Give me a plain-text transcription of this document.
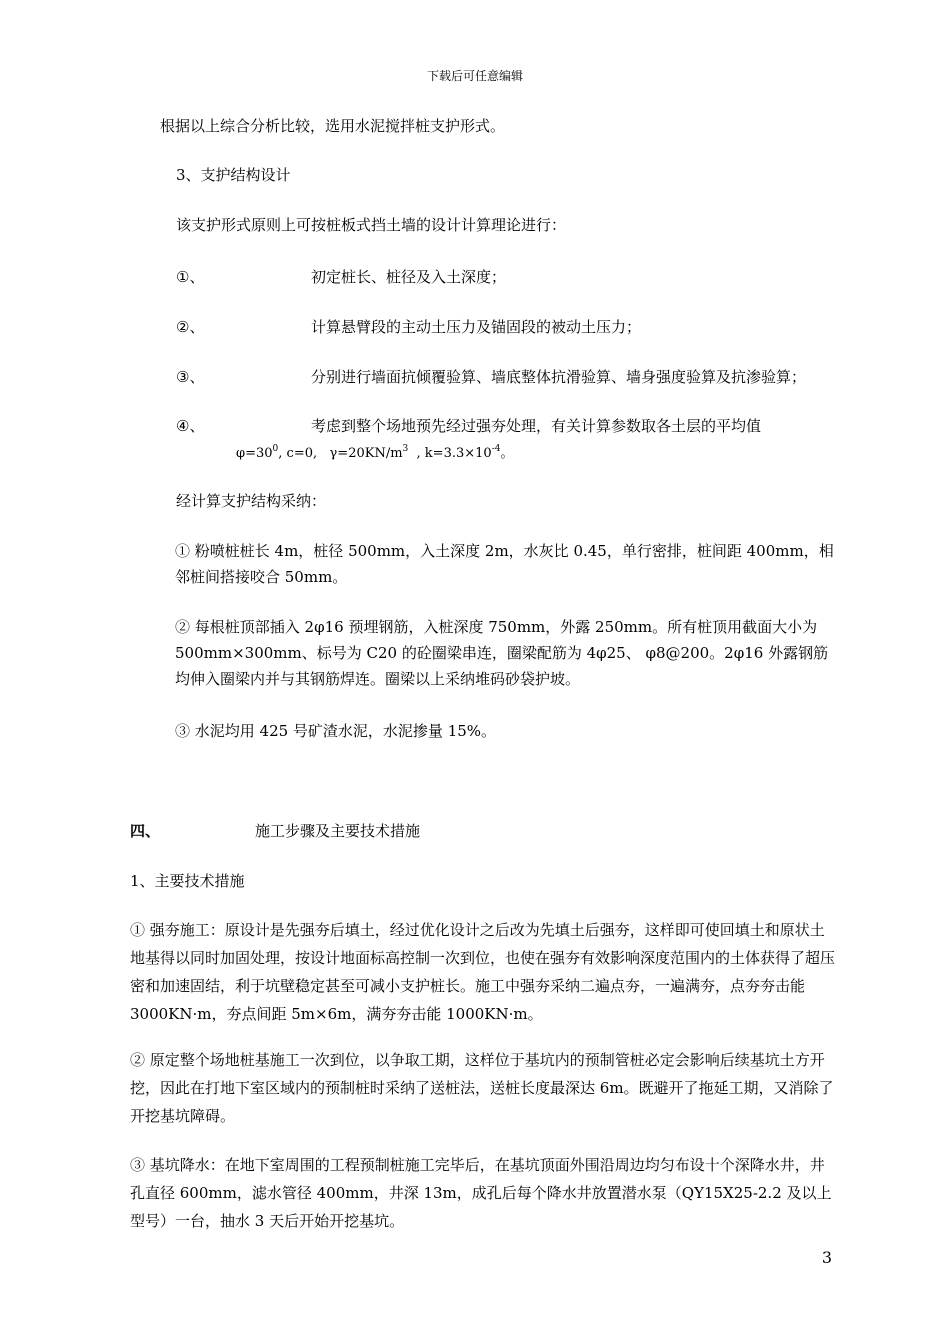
下载后可任意编辑
根据以上综合分析比较，选用水泥搅拌桩支护形式。
3、支护结构设计
该支护形式原则上可按桩板式挡土墙的设计计算理论进行：
①、	初定桩长、桩径及入土深度；
②、	计算悬臂段的主动土压力及锚固段的被动土压力；
③、	分别进行墙面抗倾覆验算、墙底整体抗滑验算、墙身强度验算及抗渗验算；
④、	考虑到整个场地预先经过强夯处理，有关计算参数取各土层的平均值
$\varphi=30^0$, c=0, $\gamma=20KN/m^3$ , $k=3.3\times 10^{-4}$。
经计算支护结构采纳：
① 粉喷桩桩长 4m，桩径 500mm，入土深度 2m，水灰比 0.45，单行密排，桩间距 400mm，相邻桩间搭接咬合 50mm。
② 每根桩顶部插入 2φ16 预埋钢筋，入桩深度 750mm，外露 250mm。所有桩顶用截面大小为 500mm×300mm、标号为 C20 的砼圈梁串连，圈梁配筋为 4φ25、 φ8@200。2φ16 外露钢筋均伸入圈梁内并与其钢筋焊连。圈梁以上采纳堆码砂袋护坡。
③ 水泥均用 425 号矿渣水泥，水泥掺量 15%。
四、	施工步骤及主要技术措施
1、主要技术措施
① 强夯施工：原设计是先强夯后填土，经过优化设计之后改为先填土后强夯，这样即可使回填土和原状土地基得以同时加固处理，按设计地面标高控制一次到位，也使在强夯有效影响深度范围内的土体获得了超压密和加速固结，利于坑壁稳定甚至可减小支护桩长。施工中强夯采纳二遍点夯，一遍满夯，点夯夯击能 3000KN·m，夯点间距 5m×6m，满夯夯击能 1000KN·m。
② 原定整个场地桩基施工一次到位，以争取工期，这样位于基坑内的预制管桩必定会影响后续基坑土方开挖，因此在打地下室区域内的预制桩时采纳了送桩法，送桩长度最深达 6m。既避开了拖延工期，又消除了开挖基坑障碍。
③ 基坑降水：在地下室周围的工程预制桩施工完毕后，在基坑顶面外围沿周边均匀布设十个深降水井，井孔直径 600mm，滤水管径 400mm，井深 13m，成孔后每个降水井放置潜水泵（QY15X25-2.2 及以上型号）一台，抽水 3 天后开始开挖基坑。
3
